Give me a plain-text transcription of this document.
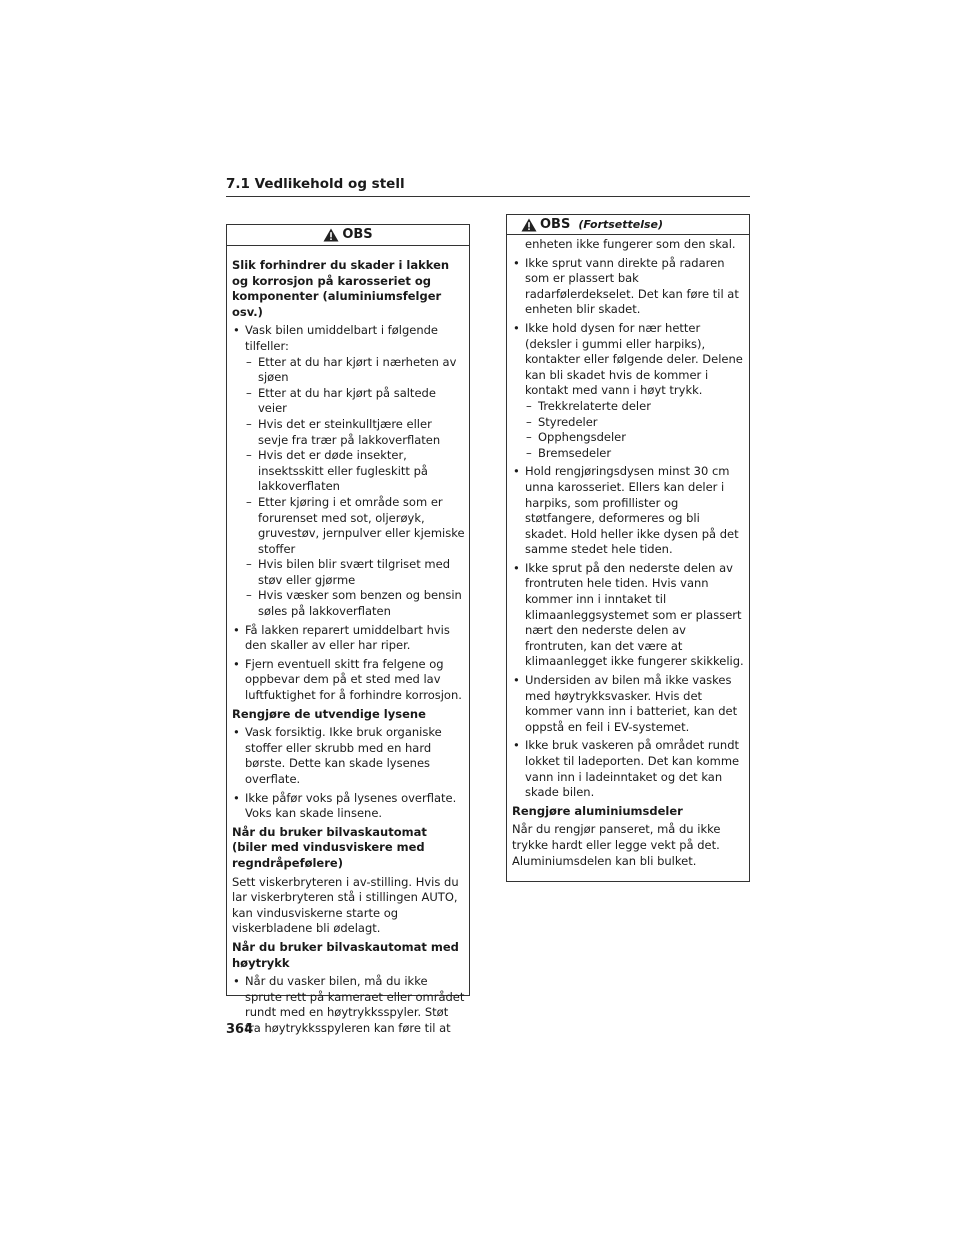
7.1 Vedlikehold og stell
OBS
Slik forhindrer du skader i lakken og korrosjon på karosseriet og komponenter (aluminiumsfelger osv.)
• Vask bilen umiddelbart i følgende tilfeller:
– Etter at du har kjørt i nærheten av sjøen
– Etter at du har kjørt på saltede veier
– Hvis det er steinkulltjære eller sevje fra trær på lakkoverflaten
– Hvis det er døde insekter, insektsskitt eller fugleskitt på lakkoverflaten
– Etter kjøring i et område som er forurenset med sot, oljerøyk, gruvestøv, jernpulver eller kjemiske stoffer
– Hvis bilen blir svært tilgriset med støv eller gjørme
– Hvis væsker som benzen og bensin søles på lakkoverflaten
• Få lakken reparert umiddelbart hvis den skaller av eller har riper.
• Fjern eventuell skitt fra felgene og oppbevar dem på et sted med lav luftfuktighet for å forhindre korrosjon.
Rengjøre de utvendige lysene
• Vask forsiktig. Ikke bruk organiske stoffer eller skrubb med en hard børste. Dette kan skade lysenes overflate.
• Ikke påfør voks på lysenes overflate. Voks kan skade linsene.
Når du bruker bilvaskautomat (biler med vindusviskere med regndråpefølere)
Sett viskerbryteren i av-stilling. Hvis du lar viskerbryteren stå i stillingen AUTO, kan vindusviskerne starte og viskerbladene bli ødelagt.
Når du bruker bilvaskautomat med høytrykk
• Når du vasker bilen, må du ikke sprute rett på kameraet eller området rundt med en høytrykksspyler. Støt fra høytrykksspyleren kan føre til at
OBS (Fortsettelse)
enheten ikke fungerer som den skal.
• Ikke sprut vann direkte på radaren som er plassert bak radarfølerdekselet. Det kan føre til at enheten blir skadet.
• Ikke hold dysen for nær hetter (deksler i gummi eller harpiks), kontakter eller følgende deler. Delene kan bli skadet hvis de kommer i kontakt med vann i høyt trykk.
– Trekkrelaterte deler
– Styredeler
– Opphengsdeler
– Bremsedeler
• Hold rengjøringsdysen minst 30 cm unna karosseriet. Ellers kan deler i harpiks, som profillister og støtfangere, deformeres og bli skadet. Hold heller ikke dysen på det samme stedet hele tiden.
• Ikke sprut på den nederste delen av frontruten hele tiden. Hvis vann kommer inn i inntaket til klimaanleggsystemet som er plassert nært den nederste delen av frontruten, kan det være at klimaanlegget ikke fungerer skikkelig.
• Undersiden av bilen må ikke vaskes med høytrykksvasker. Hvis det kommer vann inn i batteriet, kan det oppstå en feil i EV-systemet.
• Ikke bruk vaskeren på området rundt lokket til ladeporten. Det kan komme vann inn i ladeinntaket og det kan skade bilen.
Rengjøre aluminiumsdeler
Når du rengjør panseret, må du ikke trykke hardt eller legge vekt på det. Aluminiumsdelen kan bli bulket.
364
